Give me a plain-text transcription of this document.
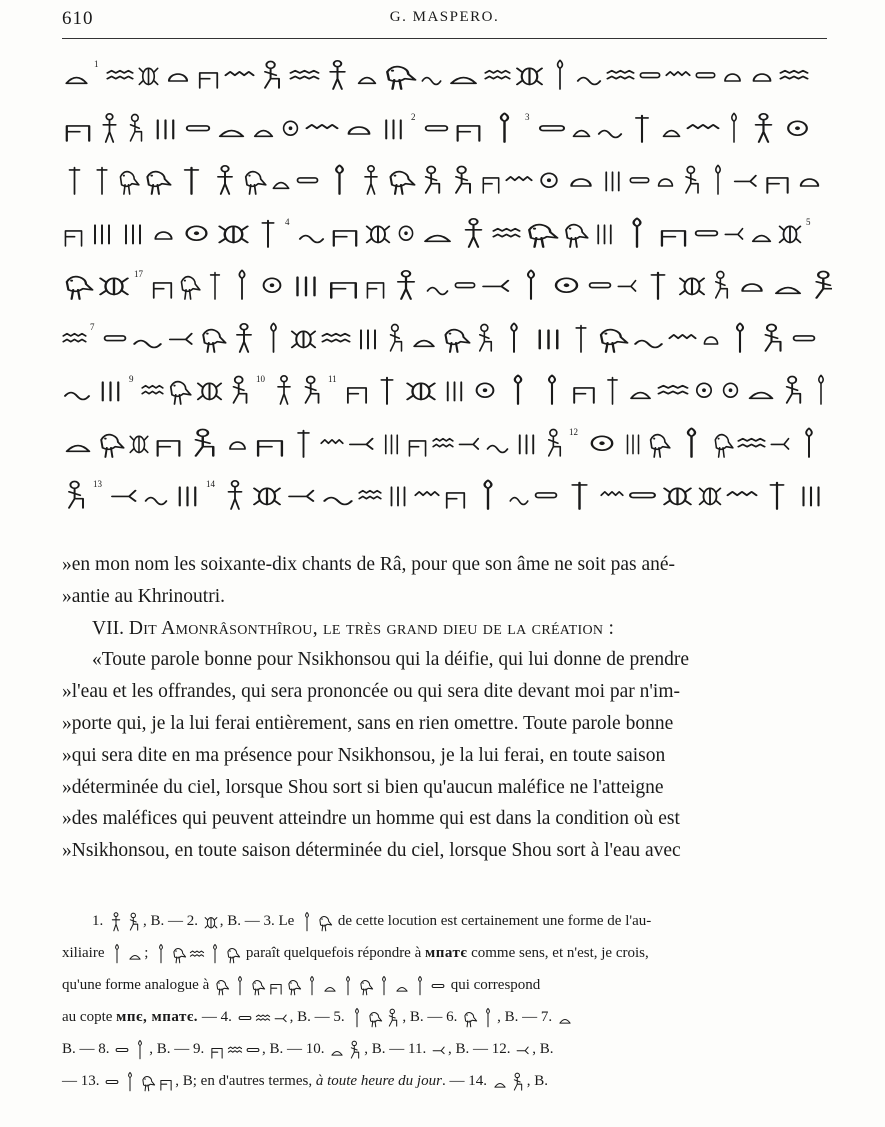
610	G. MASPERO.
1
2	3
4	5
17
7
9	10	11
12
13	14

»en mon nom les soixante-dix chants de Râ, pour que son âme ne soit pas ané-

»antie au Khrinoutri.

VII. Dit Amonrâsonthîrou, le très grand dieu de la création :

«Toute parole bonne pour Nsikhonsou qui la déifie, qui lui donne de prendre

»l'eau et les offrandes, qui sera prononcée ou qui sera dite devant moi par n'im-

»porte qui, je la lui ferai entièrement, sans en rien omettre. Toute parole bonne

»qui sera dite en ma présence pour Nsikhonsou, je la lui ferai, en toute saison

»déterminée du ciel, lorsque Shou sort si bien qu'aucun maléfice ne l'atteigne

»des maléfices qui peuvent atteindre un homme qui est dans la condition où est

»Nsikhonsou, en toute saison déterminée du ciel, lorsque Shou sort à l'eau avec

1.
, B. — 2.
, B. — 3. Le
de cette locution est certainement une forme de l'au-

xiliaire
;	paraît quelquefois répondre à мпатє comme sens, et n'est, je crois,

qu'une forme analogue à	qui correspond

au copte мпє, мпатє. — 4.	, B. — 5.	, B. — 6.
, B. — 7.

B. — 8.
, B. — 9.	, B. — 10.
, B. — 11.
, B. — 12.
, B.

— 13.	, B; en d'autres termes, à toute heure du jour. — 14.
, B.
